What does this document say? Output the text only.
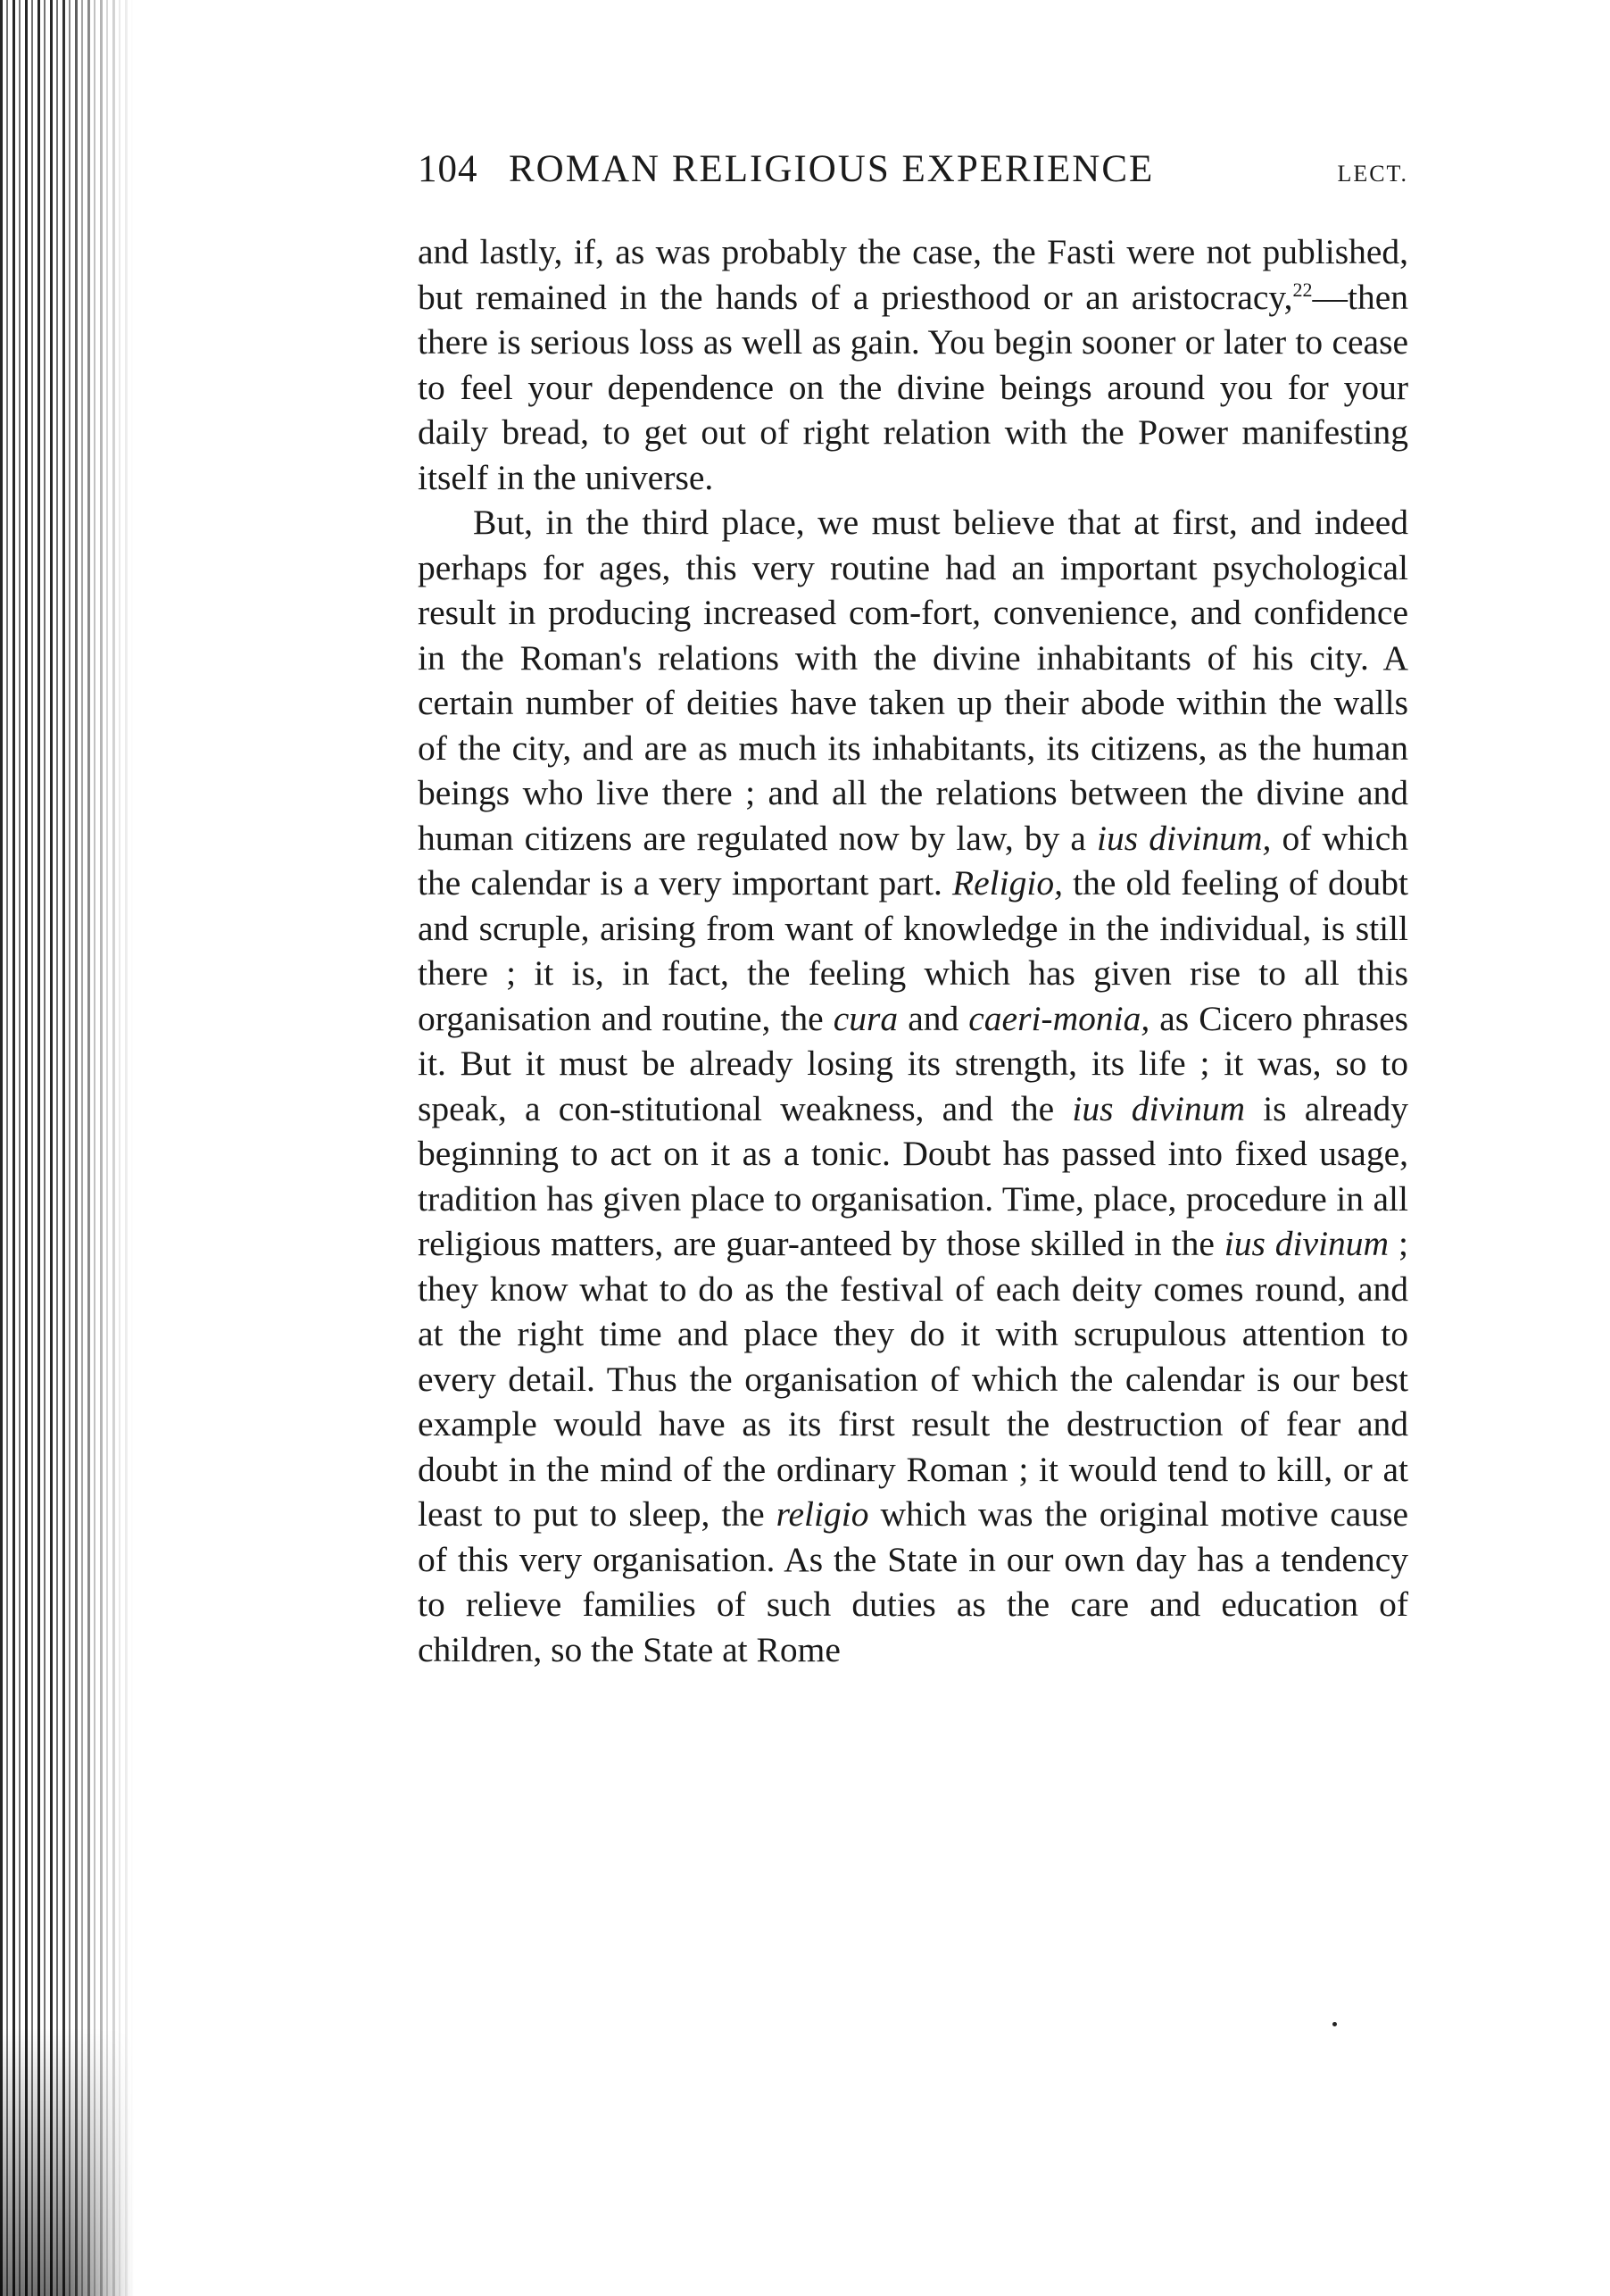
104 ROMAN RELIGIOUS EXPERIENCE	LECT.

and lastly, if, as was probably the case, the Fasti were not published, but remained in the hands of a priesthood or an aristocracy,$^{22}$—then there is serious loss as well as gain. You begin sooner or later to cease to feel your dependence on the divine beings around you for your daily bread, to get out of right relation with the Power manifesting itself in the universe.

But, in the third place, we must believe that at first, and indeed perhaps for ages, this very routine had an important psychological result in producing increased com-fort, convenience, and confidence in the Roman's relations with the divine inhabitants of his city. A certain number of deities have taken up their abode within the walls of the city, and are as much its inhabitants, its citizens, as the human beings who live there ; and all the relations between the divine and human citizens are regulated now by law, by a ius divinum, of which the calendar is a very important part. Religio, the old feeling of doubt and scruple, arising from want of knowledge in the individual, is still there ; it is, in fact, the feeling which has given rise to all this organisation and routine, the cura and caeri-monia, as Cicero phrases it. But it must be already losing its strength, its life ; it was, so to speak, a con-stitutional weakness, and the ius divinum is already beginning to act on it as a tonic. Doubt has passed into fixed usage, tradition has given place to organisation. Time, place, procedure in all religious matters, are guar-anteed by those skilled in the ius divinum ; they know what to do as the festival of each deity comes round, and at the right time and place they do it with scrupulous attention to every detail. Thus the organisation of which the calendar is our best example would have as its first result the destruction of fear and doubt in the mind of the ordinary Roman ; it would tend to kill, or at least to put to sleep, the religio which was the original motive cause of this very organisation. As the State in our own day has a tendency to relieve families of such duties as the care and education of children, so the State at Rome
